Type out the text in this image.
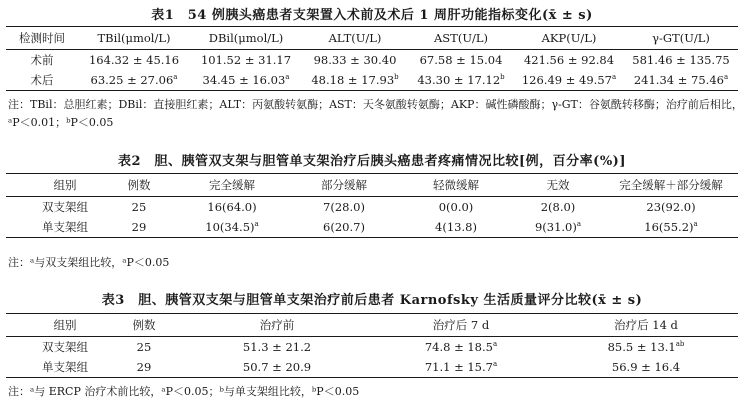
表1　54 例胰头癌患者支架置入术前及术后 1 周肝功能指标变化(x̄ ± s)
检测时间	TBil(μmol/L)	DBil(μmol/L)	ALT(U/L)	AST(U/L)	AKP(U/L)	γ-GT(U/L)
术前	164.32 ± 45.16	101.52 ± 31.17	98.33 ± 30.40	67.58 ± 15.04	421.56 ± 92.84	581.46 ± 135.75
术后	63.25 ± 27.06$^a$	34.45 ± 16.03$^a$	48.18 ± 17.93$^b$	43.30 ± 17.12$^b$	126.49 ± 49.57$^a$	241.34 ± 75.46$^a$
注：TBil：总胆红素；DBil：直接胆红素；ALT：丙氨酸转氨酶；AST：天冬氨酸转氨酶；AKP：碱性磷酸酶；γ-GT：谷氨酰转移酶；治疗前后相比，
ᵃP＜0.01；ᵇP＜0.05
表2　胆、胰管双支架与胆管单支架治疗后胰头癌患者疼痛情况比较[例，百分率(%)]
组别	例数	完全缓解	部分缓解	轻微缓解	无效	完全缓解＋部分缓解
双支架组	25	16(64.0)	7(28.0)	0(0.0)	2(8.0)	23(92.0)
单支架组	29	$10(34.5)^a$	6(20.7)	4(13.8)	$9(31.0)^a$	$16(55.2)^a$
注：ᵃ与双支架组比较，ᵃP＜0.05
表3　胆、胰管双支架与胆管单支架治疗前后患者 Karnofsky 生活质量评分比较(x̄ ± s)
组别	例数	治疗前	治疗后 7 d	治疗后 14 d
双支架组	25	51.3 ± 21.2	74.8 ± 18.5$^a$	85.5 ± 13.1$^{ab}$
单支架组	29	50.7 ± 20.9	71.1 ± 15.7$^a$	56.9 ± 16.4
注：ᵃ与 ERCP 治疗术前比较，ᵃP＜0.05；ᵇ与单支架组比较，ᵇP＜0.05
